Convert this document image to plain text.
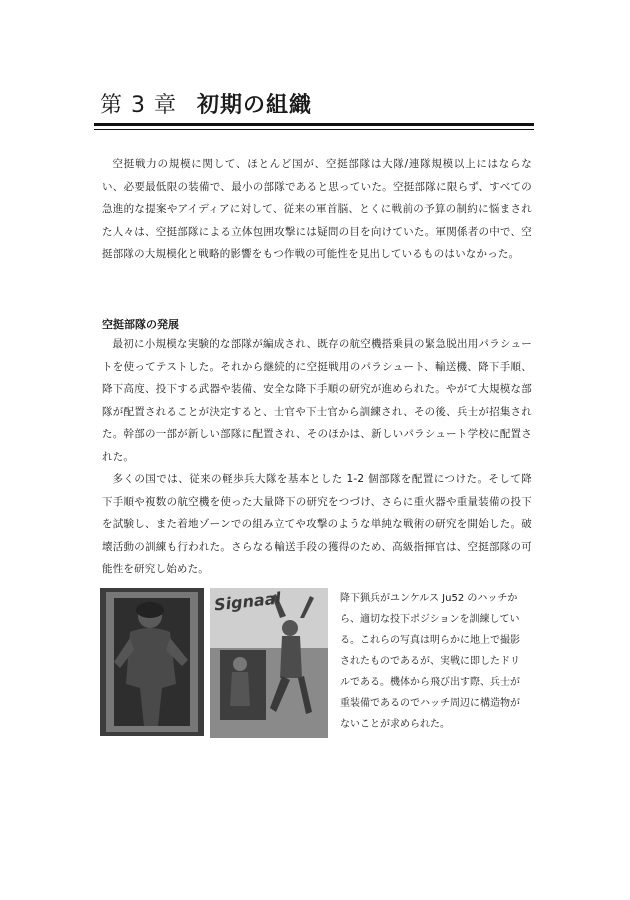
第 3 章 初期の組織

空挺戦力の規模に関して、ほとんど国が、空挺部隊は大隊/連隊規模以上にはならない、必要最低限の装備で、最小の部隊であると思っていた。空挺部隊に限らず、すべての急進的な提案やアイディアに対して、従来の軍首脳、とくに戦前の予算の制約に悩まされた人々は、空挺部隊による立体包囲攻撃には疑問の目を向けていた。軍関係者の中で、空挺部隊の大規模化と戦略的影響をもつ作戦の可能性を見出しているものはいなかった。

空挺部隊の発展

最初に小規模な実験的な部隊が編成され、既存の航空機搭乗員の緊急脱出用パラシュートを使ってテストした。それから継続的に空挺戦用のパラシュート、輸送機、降下手順、降下高度、投下する武器や装備、安全な降下手順の研究が進められた。やがて大規模な部隊が配置されることが決定すると、士官や下士官から訓練され、その後、兵士が招集された。幹部の一部が新しい部隊に配置され、そのほかは、新しいパラシュート学校に配置された。

多くの国では、従来の軽歩兵大隊を基本とした 1-2 個部隊を配置につけた。そして降下手順や複数の航空機を使った大量降下の研究をつづけ、さらに重火器や重量装備の投下を試験し、また着地ゾーンでの組み立てや攻撃のような単純な戦術の研究を開始した。破壊活動の訓練も行われた。さらなる輸送手段の獲得のため、高級指揮官は、空挺部隊の可能性を研究し始めた。

Signaal	降下猟兵がユンケルス Ju52 のハッチから、適切な投下ポジションを訓練している。これらの写真は明らかに地上で撮影されたものであるが、実戦に即したドリルである。機体から飛び出す際、兵士が重装備であるのでハッチ周辺に構造物がないことが求められた。
